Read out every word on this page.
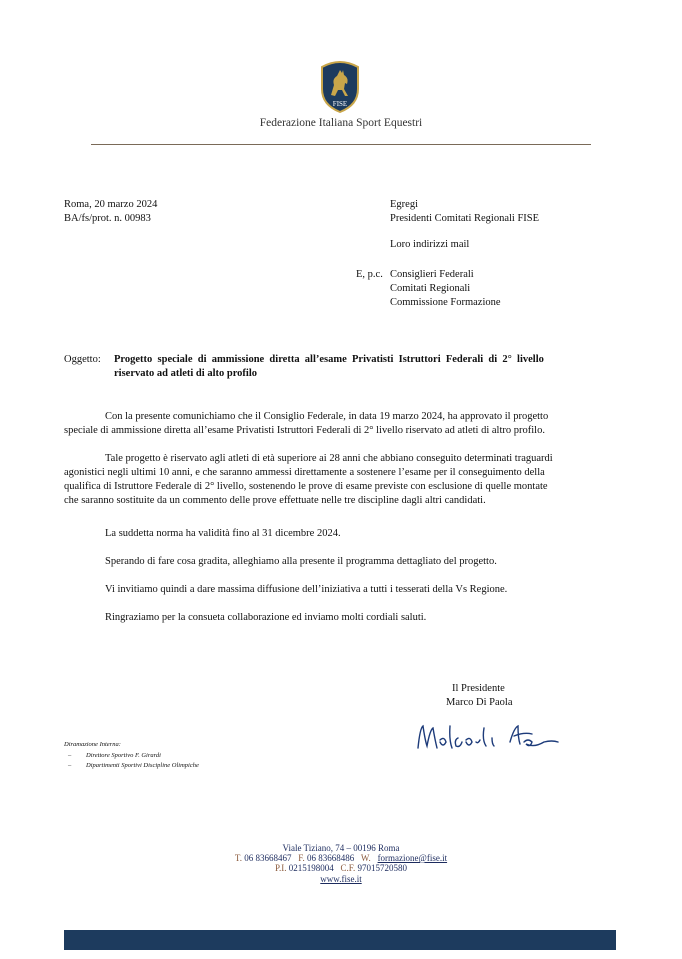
FISE
Federazione Italiana Sport Equestri
Roma, 20 marzo 2024
BA/fs/prot. n. 00983
Egregi
Presidenti Comitati Regionali FISE
Loro indirizzi mail
E, p.c. Consiglieri Federali
Comitati Regionali
Commissione Formazione
Oggetto: Progetto speciale di ammissione diretta all’esame Privatisti Istruttori Federali di 2° livello
riservato ad atleti di alto profilo
Con la presente comunichiamo che il Consiglio Federale, in data 19 marzo 2024, ha approvato il progetto
speciale di ammissione diretta all’esame Privatisti Istruttori Federali di 2° livello riservato ad atleti di altro profilo.
Tale progetto è riservato agli atleti di età superiore ai 28 anni che abbiano conseguito determinati traguardi
agonistici negli ultimi 10 anni, e che saranno ammessi direttamente a sostenere l’esame per il conseguimento della
qualifica di Istruttore Federale di 2° livello, sostenendo le prove di esame previste con esclusione di quelle montate
che saranno sostituite da un commento delle prove effettuate nelle tre discipline dagli altri candidati.
La suddetta norma ha validità fino al 31 dicembre 2024.
Sperando di fare cosa gradita, alleghiamo alla presente il programma dettagliato del progetto.
Vi invitiamo quindi a dare massima diffusione dell’iniziativa a tutti i tesserati della Vs Regione.
Ringraziamo per la consueta collaborazione ed inviamo molti cordiali saluti.
Il Presidente
Marco Di Paola
Diramazione Interna:
– Direttore Sportivo F. Girardi
– Dipartimenti Sportivi Discipline Olimpiche
Viale Tiziano, 74 – 00196 Roma
T. 06 83668467 F. 06 83668486 W. formazione@fise.it
P.I. 0215198004 C.F. 97015720580
www.fise.it
